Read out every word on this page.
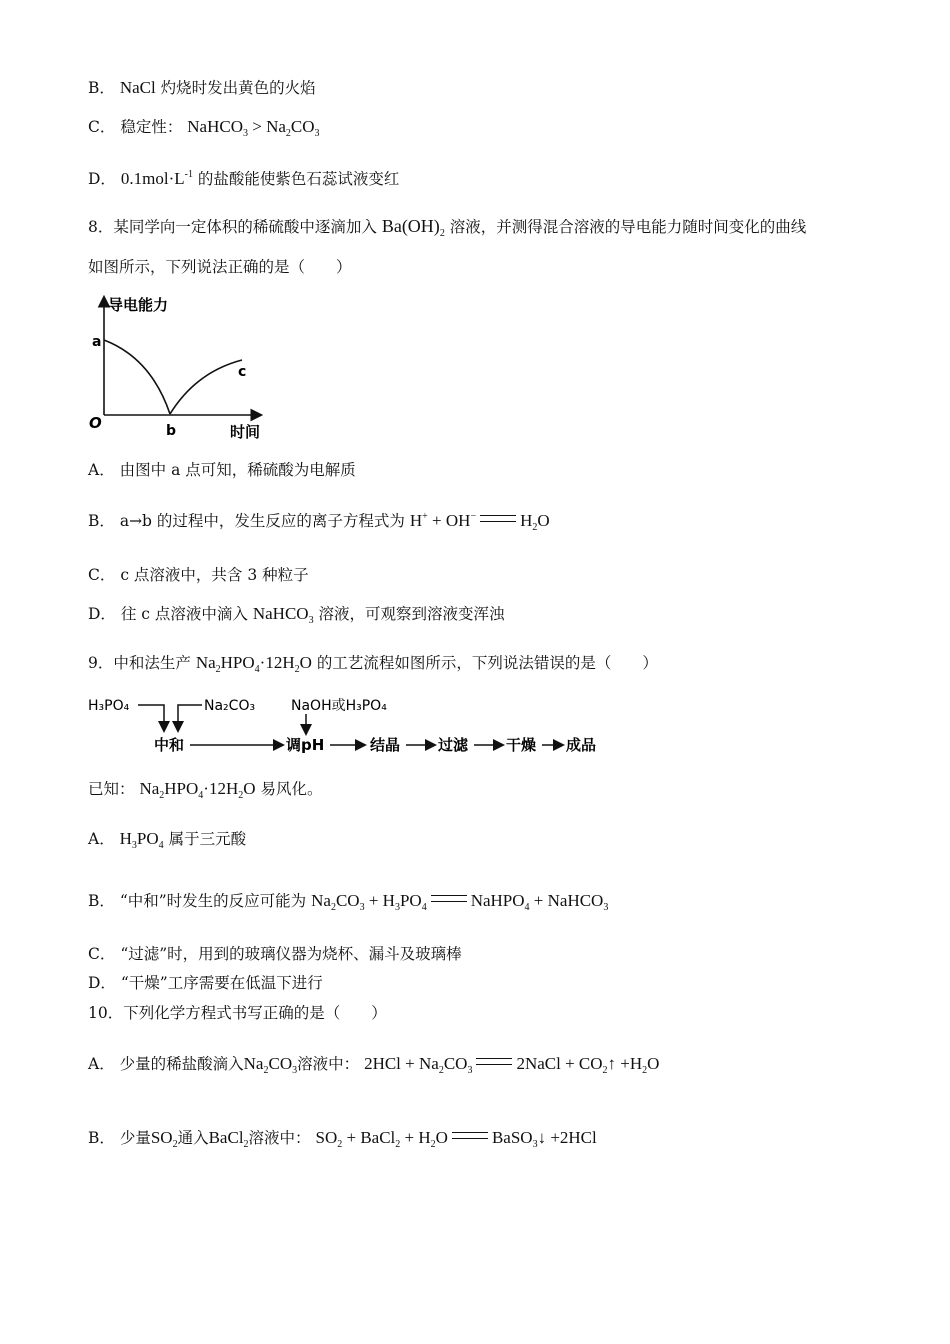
B． NaCl 灼烧时发出黄色的火焰
C． 稳定性： NaHCO$_3$ > $Na_2CO_3$
D． $0.1mol\cdot L^{-1}$ 的盐酸能使紫色石蕊试液变红
8．某同学向一定体积的稀硫酸中逐滴加入 $Ba(OH)_2$ 溶液，并测得混合溶液的导电能力随时间变化的曲线
如图所示，下列说法正确的是（　　）
导电能力
a
c
O	b	时间
A． 由图中 a 点可知，稀硫酸为电解质
B． a→b 的过程中，发生反应的离子方程式为 H+ + OH−	$H_2O$
C． c 点溶液中，共含 3 种粒子
D． 往 c 点溶液中滴入 NaHCO$_3$ 溶液，可观察到溶液变浑浊
9．中和法生产 $Na_2HPO_4\cdot 12H_2O$ 的工艺流程如图所示，下列说法错误的是（　　）
H₃PO₄	Na₂CO₃	NaOH或H₃PO₄
中和	调pH	结晶	过滤	干燥 成品
已知： $Na_2HPO_4\cdot 12H_2O$ 易风化。
A． $H_3PO_4$ 属于三元酸
B． “中和”时发生的反应可能为 $Na_2CO_3 + H_3PO_4$	NaHPO$_4$ + NaHCO$_3$
C． “过滤”时，用到的玻璃仪器为烧杯、漏斗及玻璃棒
D． “干燥”工序需要在低温下进行
10．下列化学方程式书写正确的是（　　）
A． 少量的稀盐酸滴入$Na_2CO_3$溶液中： $2HCl + Na_2CO_3$	2NaCl + $CO_2↑ +H_2O$
B． 少量$SO_2$通入BaCl$_2$溶液中： $SO_2$ + BaCl$_2$ + $H_2O$	BaSO$_3$↓ +2HCl
